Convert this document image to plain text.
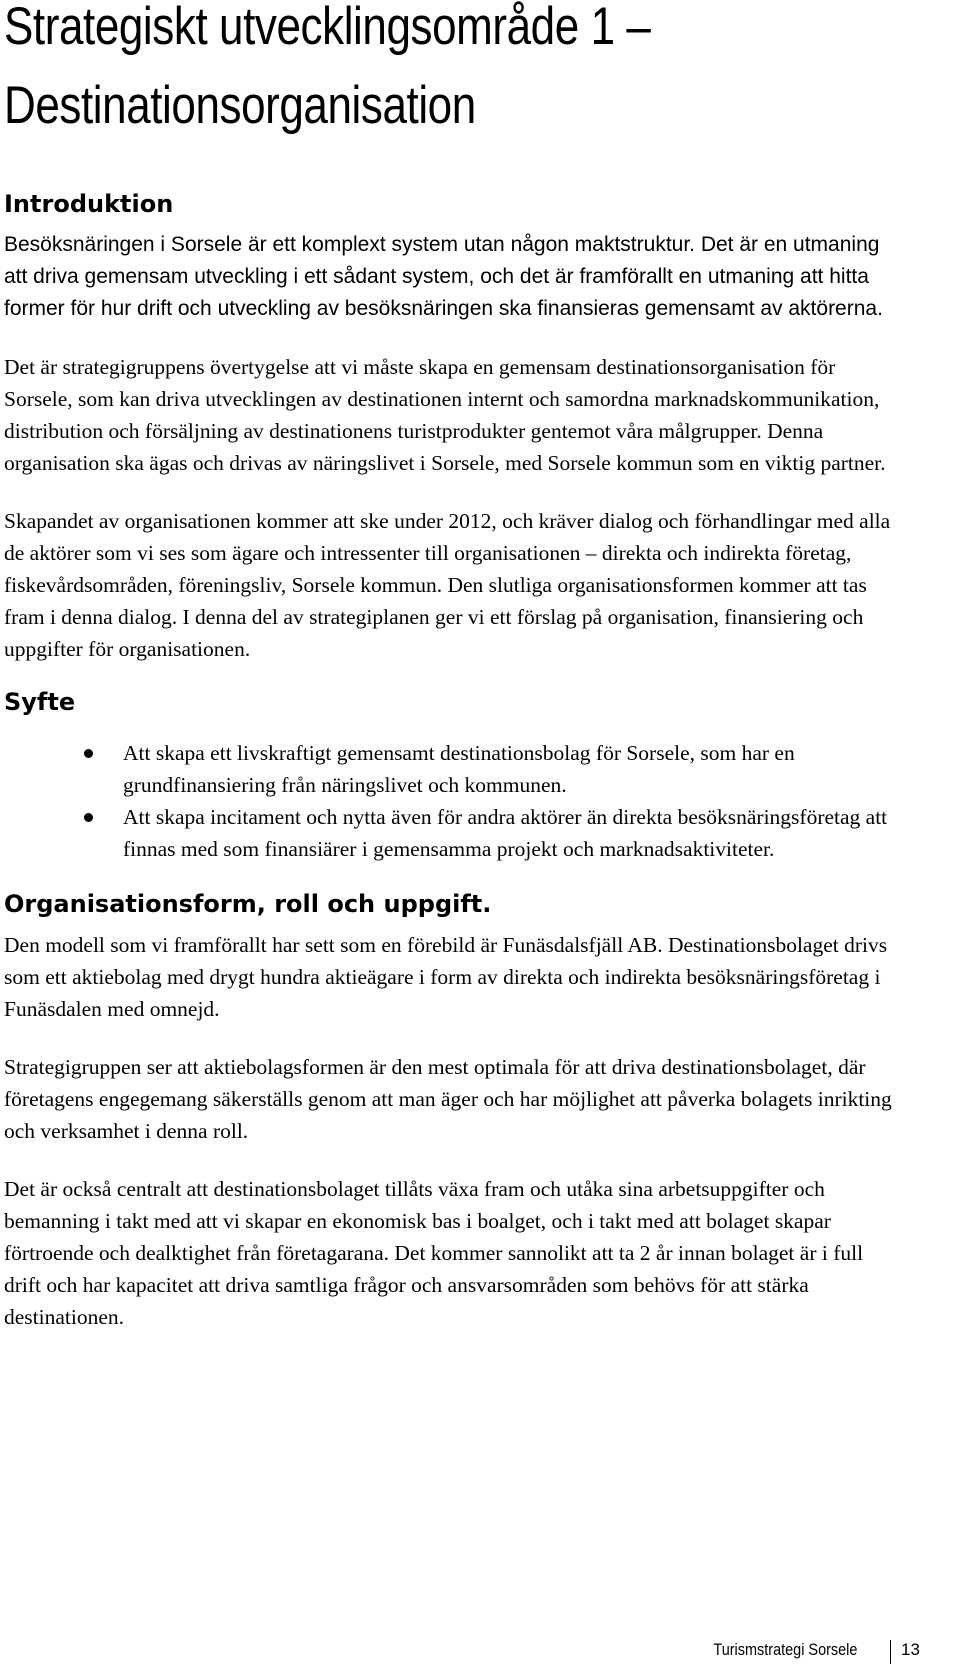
Strategiskt utvecklingsområde 1 –
Destinationsorganisation
Introduktion

Besöksnäringen i Sorsele är ett komplext system utan någon maktstruktur. Det är en utmaning att driva gemensam utveckling i ett sådant system, och det är framförallt en utmaning att hitta former för hur drift och utveckling av besöksnäringen ska finansieras gemensamt av aktörerna.

Det är strategigruppens övertygelse att vi måste skapa en gemensam destinationsorganisation för Sorsele, som kan driva utvecklingen av destinationen internt och samordna marknadskommunikation, distribution och försäljning av destinationens turistprodukter gentemot våra målgrupper. Denna organisation ska ägas och drivas av näringslivet i Sorsele, med Sorsele kommun som en viktig partner.

Skapandet av organisationen kommer att ske under 2012, och kräver dialog och förhandlingar med alla de aktörer som vi ses som ägare och intressenter till organisationen – direkta och indirekta företag, fiskevårdsområden, föreningsliv, Sorsele kommun. Den slutliga organisationsformen kommer att tas fram i denna dialog. I denna del av strategiplanen ger vi ett förslag på organisation, finansiering och uppgifter för organisationen.

Syfte
Att skapa ett livskraftigt gemensamt destinationsbolag för Sorsele, som har en grundfinansiering från näringslivet och kommunen.
Att skapa incitament och nytta även för andra aktörer än direkta besöksnäringsföretag att finnas med som finansiärer i gemensamma projekt och marknadsaktiviteter.
Organisationsform, roll och uppgift.

Den modell som vi framförallt har sett som en förebild är Funäsdalsfjäll AB. Destinationsbolaget drivs som ett aktiebolag med drygt hundra aktieägare i form av direkta och indirekta besöksnäringsföretag i Funäsdalen med omnejd.

Strategigruppen ser att aktiebolagsformen är den mest optimala för att driva destinationsbolaget, där företagens engegemang säkerställs genom att man äger och har möjlighet att påverka bolagets inrikting och verksamhet i denna roll.

Det är också centralt att destinationsbolaget tillåts växa fram och utåka sina arbetsuppgifter och bemanning i takt med att vi skapar en ekonomisk bas i boalget, och i takt med att bolaget skapar förtroende och dealktighet från företagarana. Det kommer sannolikt att ta 2 år innan bolaget är i full drift och har kapacitet att driva samtliga frågor och ansvarsområden som behövs för att stärka destinationen.

Turismstrategi Sorsele	13
